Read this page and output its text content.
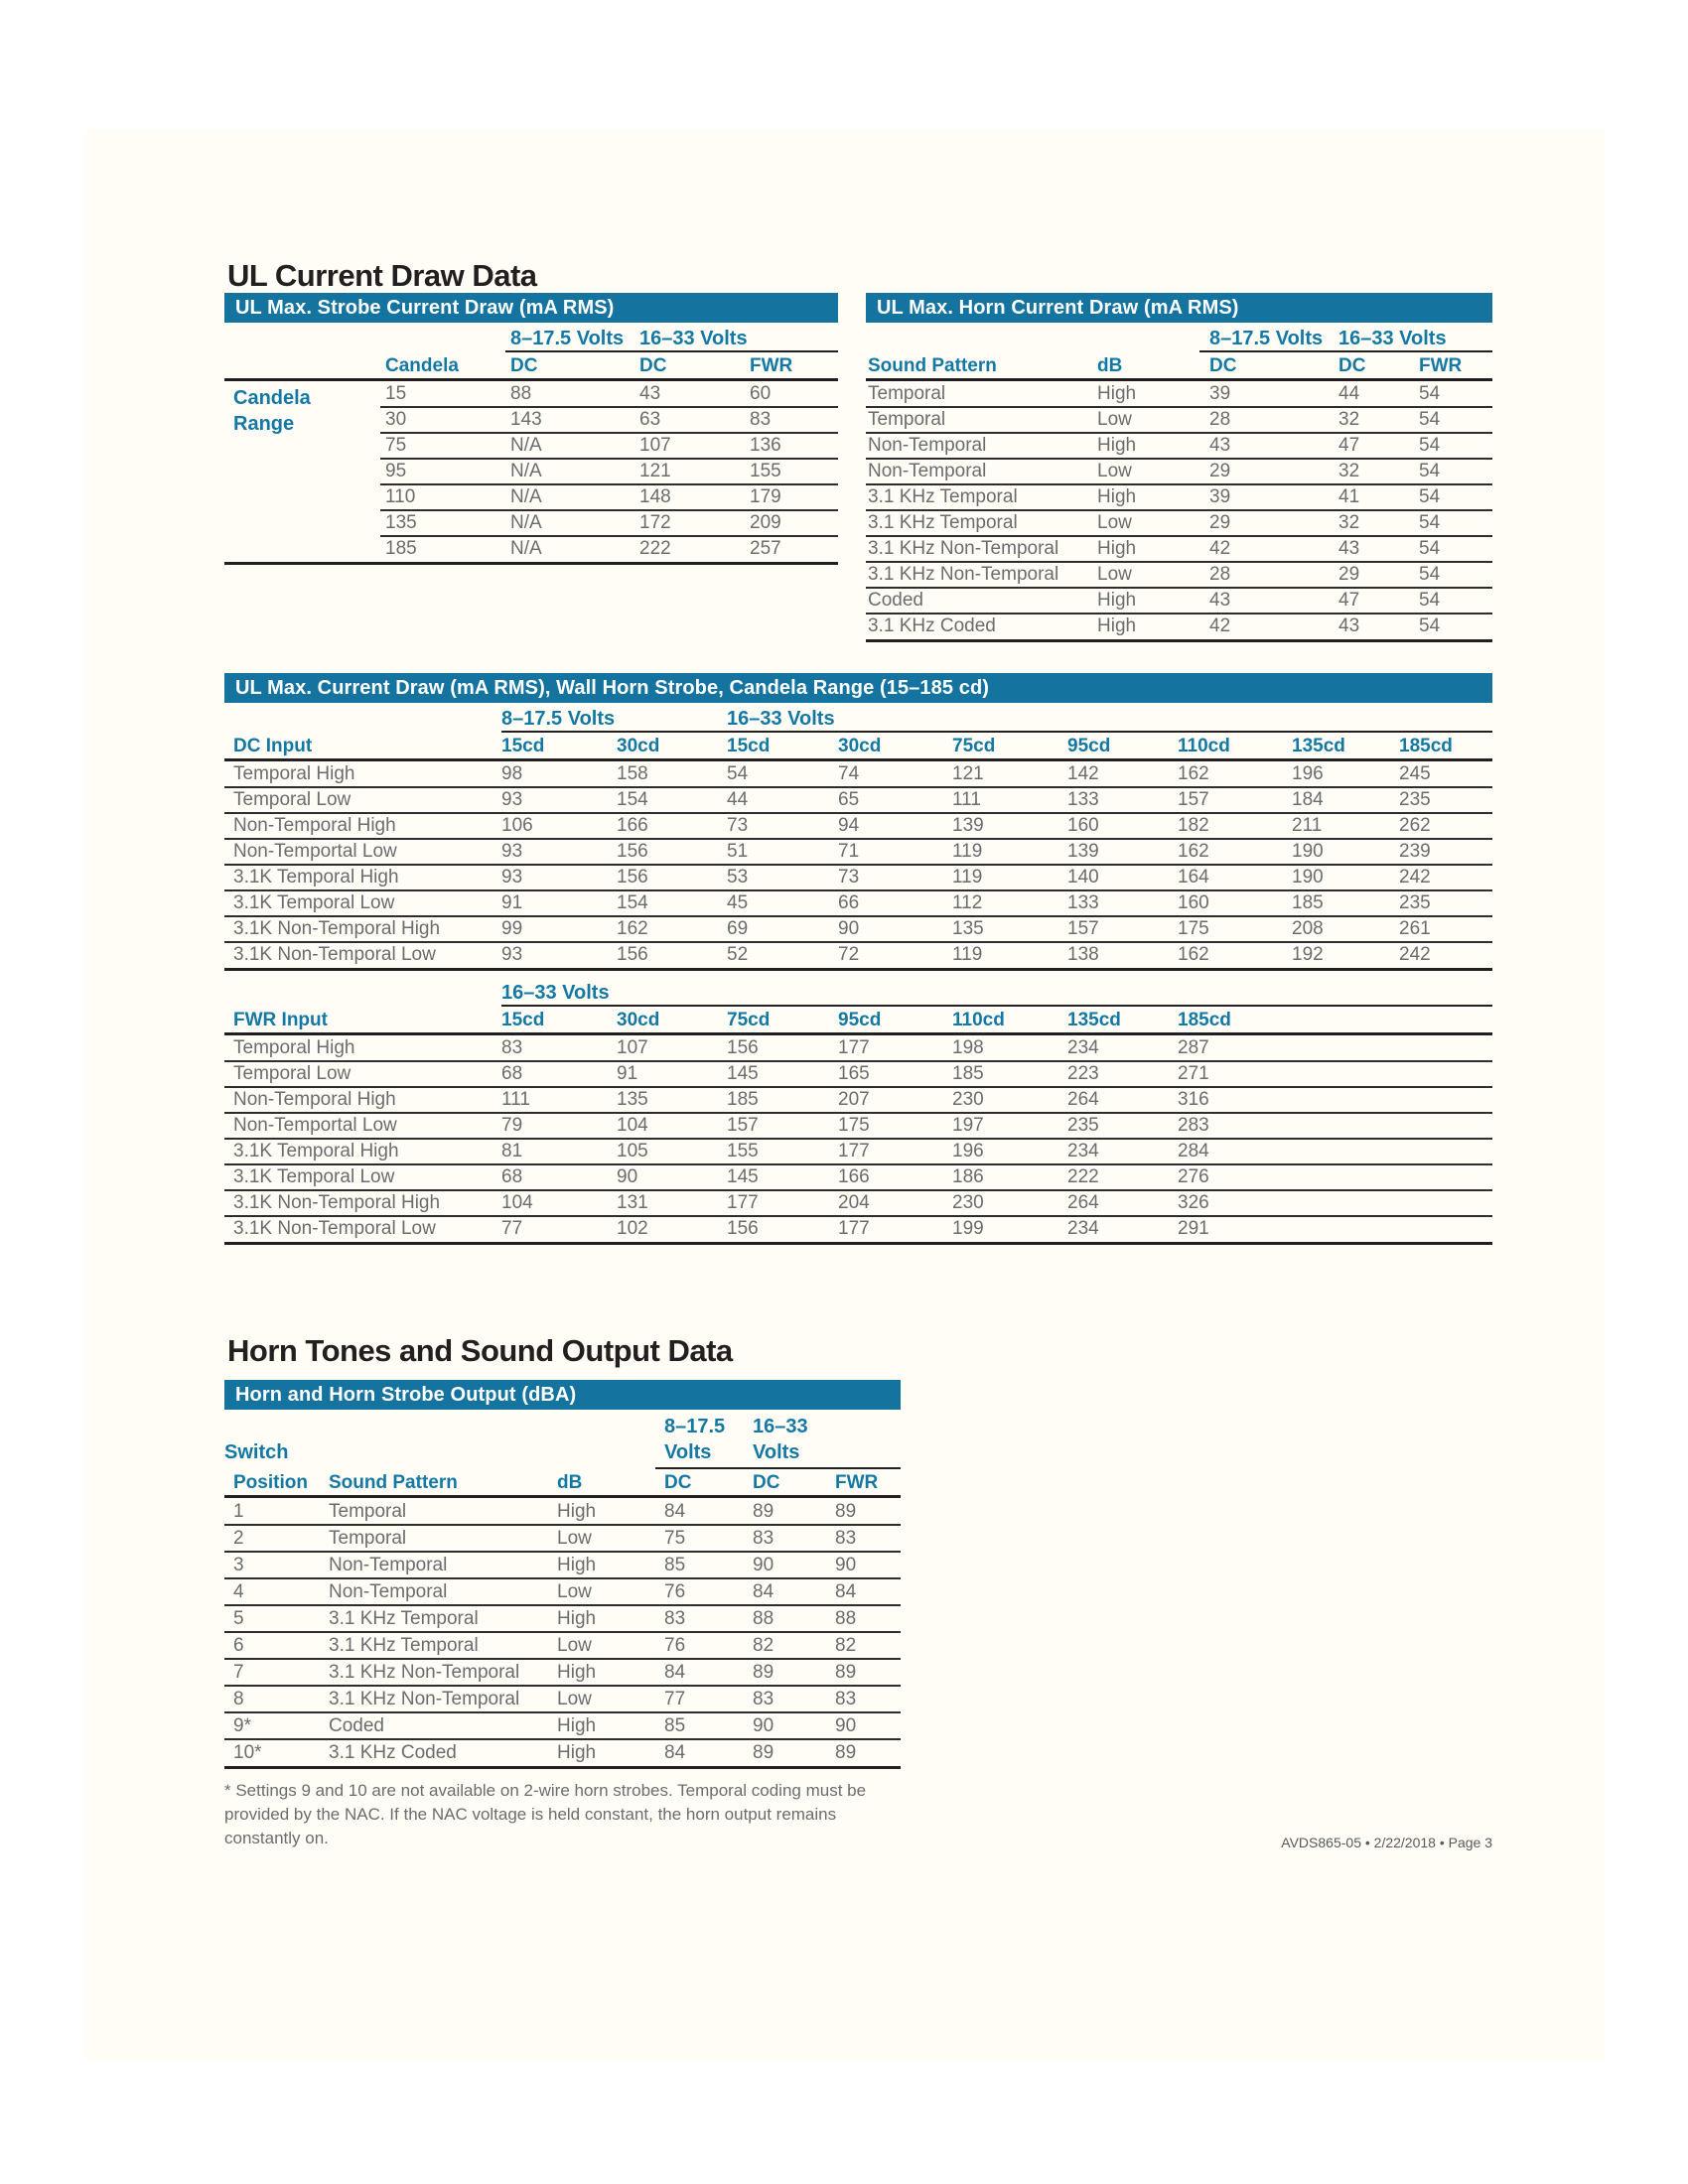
UL Current Draw Data
UL Max. Strobe Current Draw (mA RMS)
8–17.5 Volts 16–33 Volts
Candela	DC	DC	FWR
15	88	43	60
30	143	63	83
75	N/A	107	136
95	N/A	121	155
110	N/A	148	179
135	N/A	172	209
185	N/A	222	257
Candela
Range
UL Max. Horn Current Draw (mA RMS)
8–17.5 Volts 16–33 Volts
Sound Pattern	dB	DC	DC	FWR
Temporal	High	39	44	54
Temporal	Low	28	32	54
Non-Temporal	High	43	47	54
Non-Temporal	Low	29	32	54
3.1 KHz Temporal	High	39	41	54
3.1 KHz Temporal	Low	29	32	54
3.1 KHz Non-Temporal	High	42	43	54
3.1 KHz Non-Temporal	Low	28	29	54
Coded	High	43	47	54
3.1 KHz Coded	High	42	43	54
UL Max. Current Draw (mA RMS), Wall Horn Strobe, Candela Range (15–185 cd)
8–17.5 Volts	16–33 Volts
DC Input	15cd	30cd	15cd	30cd	75cd	95cd	110cd	135cd	185cd
Temporal High	98	158	54	74	121	142	162	196	245
Temporal Low	93	154	44	65	111	133	157	184	235
Non-Temporal High	106	166	73	94	139	160	182	211	262
Non-Temportal Low	93	156	51	71	119	139	162	190	239
3.1K Temporal High	93	156	53	73	119	140	164	190	242
3.1K Temporal Low	91	154	45	66	112	133	160	185	235
3.1K Non-Temporal High	99	162	69	90	135	157	175	208	261
3.1K Non-Temporal Low	93	156	52	72	119	138	162	192	242
16–33 Volts
FWR Input	15cd	30cd	75cd	95cd	110cd	135cd	185cd
Temporal High	83	107	156	177	198	234	287
Temporal Low	68	91	145	165	185	223	271
Non-Temporal High	111	135	185	207	230	264	316
Non-Temportal Low	79	104	157	175	197	235	283
3.1K Temporal High	81	105	155	177	196	234	284
3.1K Temporal Low	68	90	145	166	186	222	276
3.1K Non-Temporal High	104	131	177	204	230	264	326
3.1K Non-Temporal Low	77	102	156	177	199	234	291
Horn Tones and Sound Output Data
Horn and Horn Strobe Output (dBA)
Switch
8–17.5
Volts
16–33
Volts
Position	Sound Pattern	dB	DC	DC	FWR
1	Temporal	High	84	89	89
2	Temporal	Low	75	83	83
3	Non-Temporal	High	85	90	90
4	Non-Temporal	Low	76	84	84
5	3.1 KHz Temporal	High	83	88	88
6	3.1 KHz Temporal	Low	76	82	82
7	3.1 KHz Non-Temporal	High	84	89	89
8	3.1 KHz Non-Temporal	Low	77	83	83
9*	Coded	High	85	90	90
10*	3.1 KHz Coded	High	84	89	89
* Settings 9 and 10 are not available on 2-wire horn strobes. Temporal coding must be provided by the NAC. If the NAC voltage is held constant, the horn output remains constantly on.	AVDS865-05 • 2/22/2018 • Page 3
